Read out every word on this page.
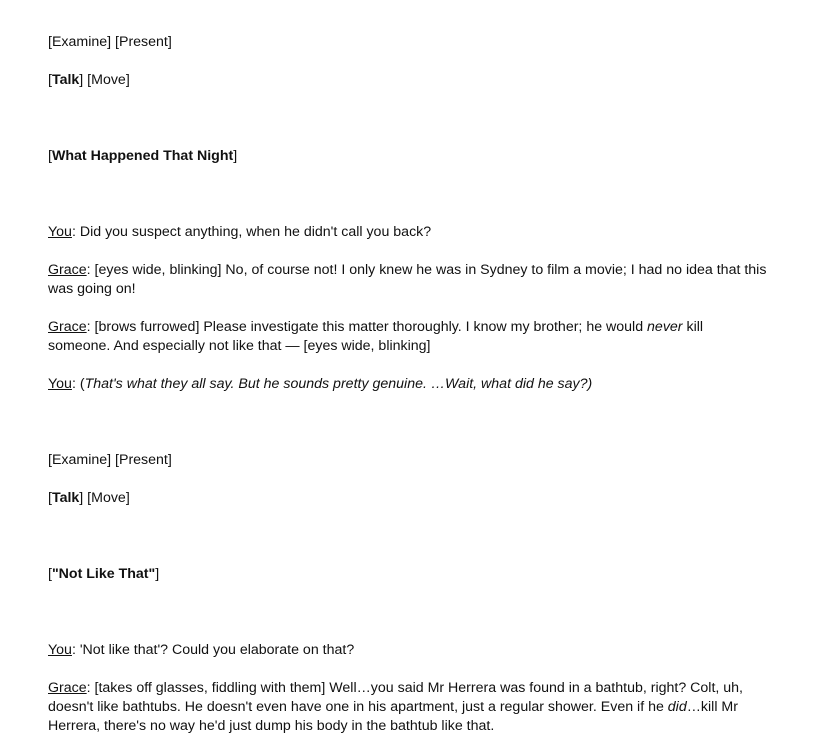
[Examine] [Present]

[Talk] [Move]

[What Happened That Night]

You: Did you suspect anything, when he didn't call you back?

Grace: [eyes wide, blinking] No, of course not! I only knew he was in Sydney to film a movie; I had no idea that this was going on!

Grace: [brows furrowed] Please investigate this matter thoroughly. I know my brother; he would never kill someone. And especially not like that — [eyes wide, blinking]

You: (That's what they all say. But he sounds pretty genuine. …Wait, what did he say?)

[Examine] [Present]

[Talk] [Move]

["Not Like That"]

You: 'Not like that'? Could you elaborate on that?

Grace: [takes off glasses, fiddling with them] Well…you said Mr Herrera was found in a bathtub, right? Colt, uh, doesn't like bathtubs. He doesn't even have one in his apartment, just a regular shower. Even if he did…kill Mr Herrera, there's no way he'd just dump his body in the bathtub like that.
